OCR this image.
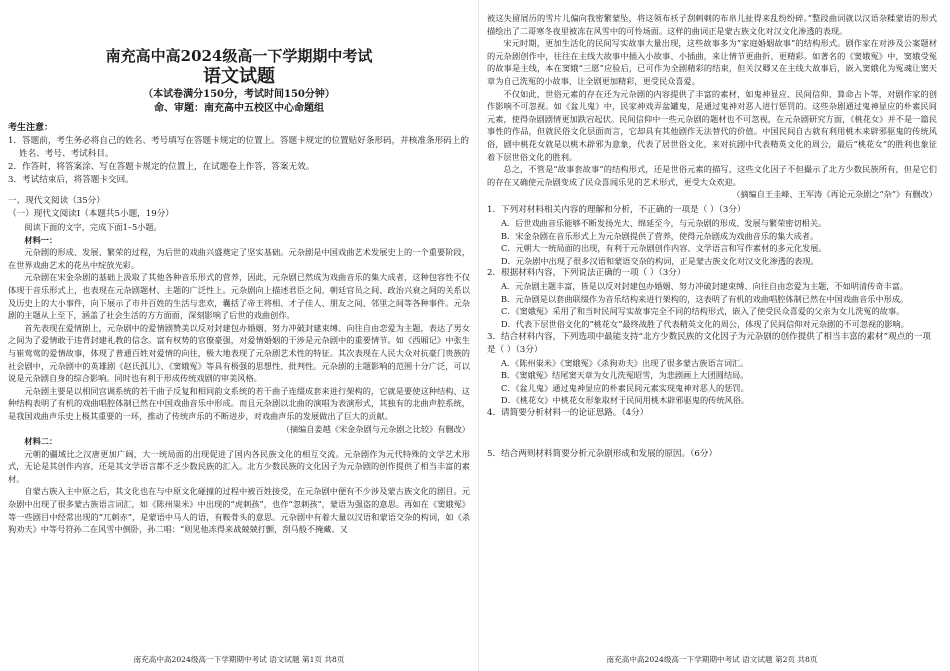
南充高中高2024级高一下学期期中考试

语文试题

（本试卷满分150分，考试时间150分钟）

命、审题：南充高中五校区中心命题组

考生注意：

1．答题前，考生务必将自己的姓名、考号填写在答题卡规定的位置上。答题卡规定的位置贴好条形码，并核准条形码上的姓名、考号、考试科目。

2．作答时，将答案涂、写在答题卡规定的位置上，在试题卷上作答，答案无效。

3．考试结束后，将答题卡交回。

一、现代文阅读（35分）

（一）现代文阅读Ⅰ（本题共5小题，19分）

阅读下面的文字，完成下面1–5小题。

材料一：

元杂剧的形成、发展、繁荣的过程，为后世的戏曲兴盛奠定了坚实基础。元杂剧是中国戏曲艺术发展史上的一个重要阶段，在世界戏曲艺术的花丛中绽放光彩。

元杂剧在宋金杂剧的基础上汲取了其他各种音乐形式的营养，因此，元杂剧已然成为戏曲音乐的集大成者，这种包容性不仅体现于音乐形式上，也表现在元杂剧题材、主题的广泛性上。元杂剧向上描述君臣之间、朝廷官员之间、政治兴衰之间的关系以及历史上的大小事件，向下展示了市井百姓的生活与悲欢，囊括了帝王将相、才子佳人、朋友之间、邻里之间等各种事件。元杂剧的主题从上至下，涵盖了社会生活的方方面面，深刻影响了后世的戏曲创作。

首先表现在爱情剧上，元杂剧中的爱情剧赞美以反对封建包办婚姻、努力冲破封建束缚、向往自由恋爱为主题，表达了男女之间为了爱情敢于违背封建礼教的信念。富有权势的官僚豪强，对爱情婚姻的干涉是元杂剧中的重要情节。如《西厢记》中张生与崔莺莺的爱情故事，体现了普通百姓对爱情的向往，极大地表现了元杂剧艺术性的特征。其次表现在人民大众对抗豪门贵族的社会剧中，元杂剧中的英雄剧《赵氏孤儿》、《窦娥冤》等具有极强的思想性、批判性。元杂剧的主题影响的范围十分广泛，可以说是元杂剧自身的综合影响。同时也有利于形成传统戏剧的审美风格。

元杂剧主要是以相同宫调系统的若干曲子反复和相同韵文系统的若干曲子连缀成套来进行架构的，它就是要使这种结构、这种结构表明了有机的戏曲唱腔体制已然在中国戏曲音乐中形成。而且元杂剧以北曲的演唱为表演形式，其独有的北曲声腔系统，是我国戏曲声乐史上极其重要的一环，推动了传统声乐的不断进步，对戏曲声乐的发展做出了巨大的贡献。

（摘编自姜越《宋金杂剧与元杂剧之比较》有删改）

材料二：

元朝的疆域比之汉唐更加广阔，大一统局面的出现促进了国内各民族文化的相互交流。元杂剧作为元代特殊的文学艺术形式，无论是其创作内容，还是其文学语言都不乏少数民族的汇入。北方少数民族的文化因子为元杂剧的创作提供了相当丰富的素材。

自蒙古族入主中原之后，其文化也在与中原文化碰撞的过程中被百姓接受，在元杂剧中便有不少涉及蒙古族文化的剧目。元杂剧中出现了很多蒙古族语言词汇，如《陈州粜米》中出现的“虎刺孩”，也作“忽刺孩”，蒙语为强盗的意思。再如在《窦娥冤》等一些剧目中经常出现的“兀刺赤”，是蒙语中马人的语，有鞍骨头的意思。元杂剧中有着大量以汉语和蒙语交杂的构词，如《杀狗劝夫》中等号符孙二在风雪中倒卧，孙二唱：“则见他冻得来战兢兢打颤，刮马般不掩藏。又

南充高中高2024级高一下学期期中考试 语文试题 第1页 共8页

被这失留屑历的雪片儿偏向我密繁蒙坠，将这领布袄子刮剌剌的布帛儿扯得来乱纷纷碎。”整段曲词就以汉语杂糅蒙语的形式描绘出了二哥寒冬夜里被冻在风雪中的可怜场面。这样的曲词正是蒙古族文化对汉文化渗透的表现。

宋元时期，更加生活化的民间写实故事大量出现，这些故事多为“家庭婚姻故事”的结构形式。剧作家在对涉及公案题材的元杂剧创作中，往往在主线大故事中插入小故事、小插曲，来让情节更曲折、更精彩。如著名的《窦娥冤》中，窦娥受冤的故事是主线，本在窦娥“三愿”应验后，已可作为全剧精彩的结束，但关汉卿又在主线大故事后，嵌入窦娥化为冤魂让窦天章为自己洗冤的小故事，让全剧更加精彩，更受民众喜爱。

不仅如此，世俗元素的存在还为元杂剧的内容提供了丰富的素材，如鬼神显应、民间信仰、算命占卜等，对剧作家的创作影响不可忽视。如《盆儿鬼》中，民家神戏弄盆罐鬼，是通过鬼神对恶人进行惩罚的。这些杂剧通过鬼神显应的朴素民间元素，使得杂剧剧情更加跌宕起伏。民间信仰中一些元杂剧的题材也不可忽视，在元杂剧研究方面，《桃花女》并不是一篇民事性的作品，但就民俗文化层面而言，它却具有其他剧作无法替代的价值。中国民间自古就有利用桃木来辟邪驱鬼的传统风俗，剧中桃花女就是以桃木辟邪为意象，代表了居世俗文化，来对抗剧中代表精英文化的周公，最后“桃花女”的胜利也象征着下层世俗文化的胜利。

总之，不管是“故事套故事”的结构形式，还是世俗元素的描写，这些文化因子不但撮示了北方少数民族所有，但是它们的存在又确使元杂剧变成了民众喜闻乐见的艺术形式，更受大众欢迎。

（摘编自王圭峰、王军涛《再论元杂剧之“杂”》有删改）

1．下列对材料相关内容的理解和分析，不正确的一项是（ ）（3分）

A．后世戏曲音乐能够不断发扬光大、绵延至今，与元杂剧的形成、发展与繁荣密切相关。

B．宋金杂剧在音乐形式上为元杂剧提供了营养，使得元杂剧成为戏曲音乐的集大成者。

C．元朝大一统局面的出现，有利于元杂剧创作内容、文学语言和写作素材的多元化发展。

D．元杂剧中出现了很多汉语和蒙语交杂的构词，正是蒙古族文化对汉文化渗透的表现。

2．根据材料内容，下列说法正确的一项（ ）（3分）

A．元杂剧主题丰富，皆是以反对封建包办婚姻、努力冲破封建束缚、向往自由恋爱为主题，不如明清传奇丰富。

B．元杂剧是以套曲联缀作为音乐结构来进行架构的，这表明了有机的戏曲唱腔体制已然在中国戏曲音乐中形成。

C．《窦娥冤》采用了和当时民间写实故事完全不同的结构形式，嵌入了使受民众喜爱的父亲为女儿洗冤的故事。

D．代表下层世俗文化的“桃花女”最终战胜了代表精英文化的周公，体现了民间信仰对元杂剧的不可忽视的影响。

3．结合材料内容，下列选项中最能支持“北方少数民族的文化因子为元杂剧的创作提供了相当丰富的素材”观点的一项是（ ）（3分）

A．《陈州粜米》《窦娥冤》《杀狗劝夫》出现了很多蒙古族语言词汇。

B．《窦娥冤》结尾窦天章为女儿洗冤昭雪，为悲剧画上大团圆结局。

C．《盆儿鬼》通过鬼神显应的朴素民间元素实现鬼神对恶人的惩罚。

D．《桃花女》中桃花女形象取材于民间用桃木辟邪驱鬼的传统风俗。

4．请简要分析材料一的论证思路。（4分）

5．结合两则材料简要分析元杂剧形成和发展的原因。（6分）

南充高中高2024级高一下学期期中考试 语文试题 第2页 共8页
